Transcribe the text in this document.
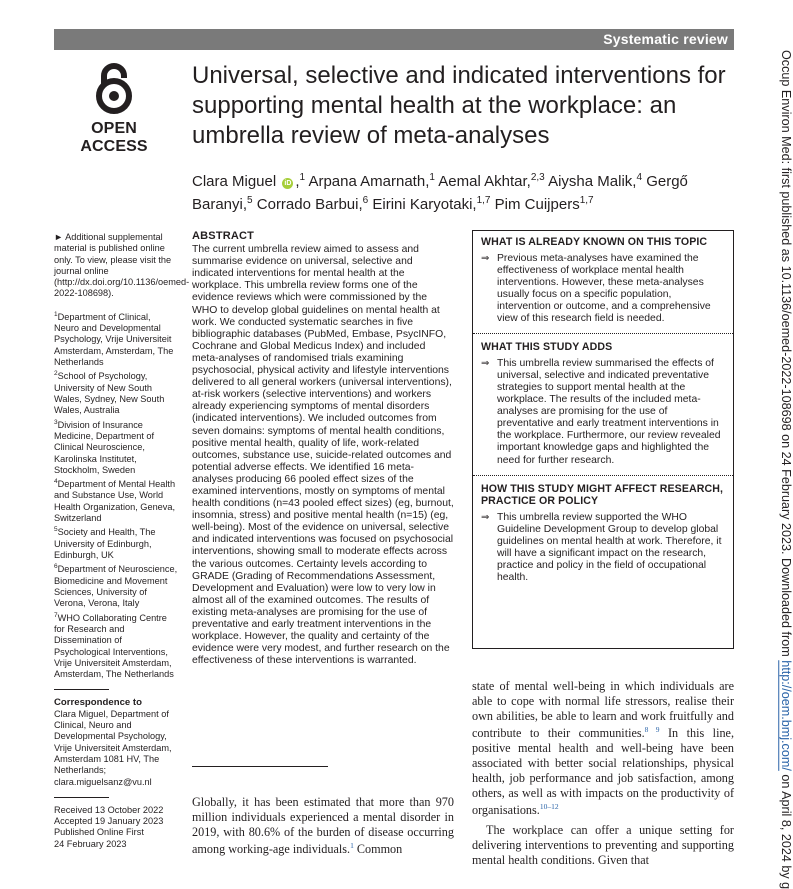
Systematic review
OPEN ACCESS
Universal, selective and indicated interventions for supporting mental health at the workplace: an umbrella review of meta-analyses
Clara Miguel iD ,$^1$ Arpana Amarnath,$^1$ Aemal Akhtar,$^{2,3}$ Aiysha Malik,$^4$ Gergő Baranyi,$^5$ Corrado Barbui,$^6$ Eirini Karyotaki,$^{1,7}$ Pim Cuijpers$^{1,7}$

► Additional supplemental material is published online only. To view, please visit the journal online (http://dx.doi.org/10.1136/oemed-2022-108698).

$^1$Department of Clinical, Neuro and Developmental Psychology, Vrije Universiteit Amsterdam, Amsterdam, The Netherlands

$^2$School of Psychology, University of New South Wales, Sydney, New South Wales, Australia

$^3$Division of Insurance Medicine, Department of Clinical Neuroscience, Karolinska Institutet, Stockholm, Sweden

$^4$Department of Mental Health and Substance Use, World Health Organization, Geneva, Switzerland

$^5$Society and Health, The University of Edinburgh, Edinburgh, UK

$^6$Department of Neuroscience, Biomedicine and Movement Sciences, University of Verona, Verona, Italy

$^7$WHO Collaborating Centre for Research and Dissemination of Psychological Interventions, Vrije Universiteit Amsterdam, Amsterdam, The Netherlands

Correspondence to

Clara Miguel, Department of Clinical, Neuro and Developmental Psychology, Vrije Universiteit Amsterdam, Amsterdam 1081 HV, The Netherlands; clara.miguelsanz@vu.nl

Received 13 October 2022

Accepted 19 January 2023

Published Online First

24 February 2023

ABSTRACT

The current umbrella review aimed to assess and summarise evidence on universal, selective and indicated interventions for mental health at the workplace. This umbrella review forms one of the evidence reviews which were commissioned by the WHO to develop global guidelines on mental health at work. We conducted systematic searches in five bibliographic databases (PubMed, Embase, PsycINFO, Cochrane and Global Medicus Index) and included meta-analyses of randomised trials examining psychosocial, physical activity and lifestyle interventions delivered to all general workers (universal interventions), at-risk workers (selective interventions) and workers already experiencing symptoms of mental disorders (indicated interventions). We included outcomes from seven domains: symptoms of mental health conditions, positive mental health, quality of life, work-related outcomes, substance use, suicide-related outcomes and potential adverse effects. We identified 16 meta-analyses producing 66 pooled effect sizes of the examined interventions, mostly on symptoms of mental health conditions (n=43 pooled effect sizes) (eg, burnout, insomnia, stress) and positive mental health (n=15) (eg, well-being). Most of the evidence on universal, selective and indicated interventions was focused on psychosocial interventions, showing small to moderate effects across the various outcomes. Certainty levels according to GRADE (Grading of Recommendations Assessment, Development and Evaluation) were low to very low in almost all of the examined outcomes. The results of existing meta-analyses are promising for the use of preventative and early treatment interventions in the workplace. However, the quality and certainty of the evidence were very modest, and further research on the effectiveness of these interventions is warranted.

Globally, it has been estimated that more than 970 million individuals experienced a mental disorder in 2019, with 80.6% of the burden of disease occurring among working-age individuals.$^1$ Common

WHAT IS ALREADY KNOWN ON THIS TOPIC

⇒ Previous meta-analyses have examined the effectiveness of workplace mental health interventions. However, these meta-analyses usually focus on a specific population, intervention or outcome, and a comprehensive view of this research field is needed.

WHAT THIS STUDY ADDS

⇒ This umbrella review summarised the effects of universal, selective and indicated preventative strategies to support mental health at the workplace. The results of the included meta-analyses are promising for the use of preventative and early treatment interventions in the workplace. Furthermore, our review revealed important knowledge gaps and highlighted the need for further research.

HOW THIS STUDY MIGHT AFFECT RESEARCH, PRACTICE OR POLICY

⇒ This umbrella review supported the WHO Guideline Development Group to develop global guidelines on mental health at work. Therefore, it will have a significant impact on the research, practice and policy in the field of occupational health.

state of mental well-being in which individuals are able to cope with normal life stressors, realise their own abilities, be able to learn and work fruitfully and contribute to their communities.$^{8 9}$ In this line, positive mental health and well-being have been associated with better social relationships, physical health, job performance and job satisfaction, among others, as well as with impacts on the productivity of organisations.$^{10-12}$

The workplace can offer a unique setting for delivering interventions to preventing and supporting mental health conditions. Given that

Occup Environ Med: first published as 10.1136/oemed-2022-108698 on 24 February 2023. Downloaded from http://oem.bmj.com/ on April 8, 2024 by g
